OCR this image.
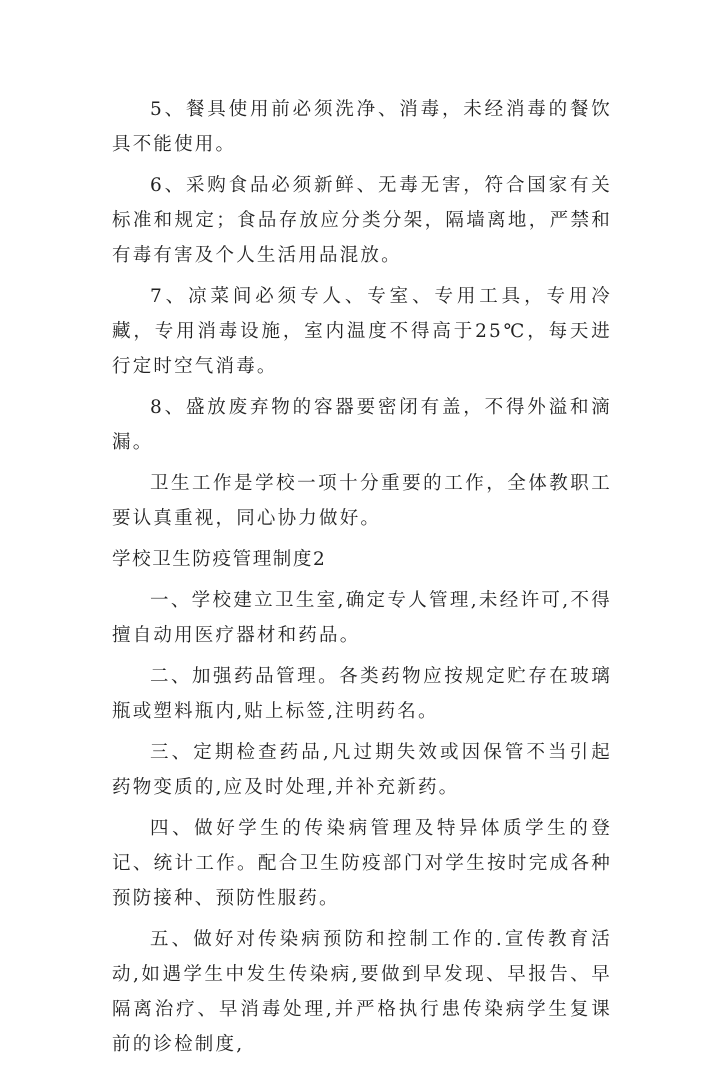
5、餐具使用前必须洗净、消毒，未经消毒的餐饮具不能使用。

6、采购食品必须新鲜、无毒无害，符合国家有关标准和规定；食品存放应分类分架，隔墙离地，严禁和有毒有害及个人生活用品混放。

7、凉菜间必须专人、专室、专用工具，专用冷藏，专用消毒设施，室内温度不得高于25℃，每天进行定时空气消毒。

8、盛放废弃物的容器要密闭有盖，不得外溢和滴漏。

卫生工作是学校一项十分重要的工作，全体教职工要认真重视，同心协力做好。

学校卫生防疫管理制度2

一、学校建立卫生室,确定专人管理,未经许可,不得擅自动用医疗器材和药品。

二、加强药品管理。各类药物应按规定贮存在玻璃瓶或塑料瓶内,贴上标签,注明药名。

三、定期检查药品,凡过期失效或因保管不当引起药物变质的,应及时处理,并补充新药。

四、做好学生的传染病管理及特异体质学生的登记、统计工作。配合卫生防疫部门对学生按时完成各种预防接种、预防性服药。

五、做好对传染病预防和控制工作的.宣传教育活动,如遇学生中发生传染病,要做到早发现、早报告、早隔离治疗、早消毒处理,并严格执行患传染病学生复课前的诊检制度,
